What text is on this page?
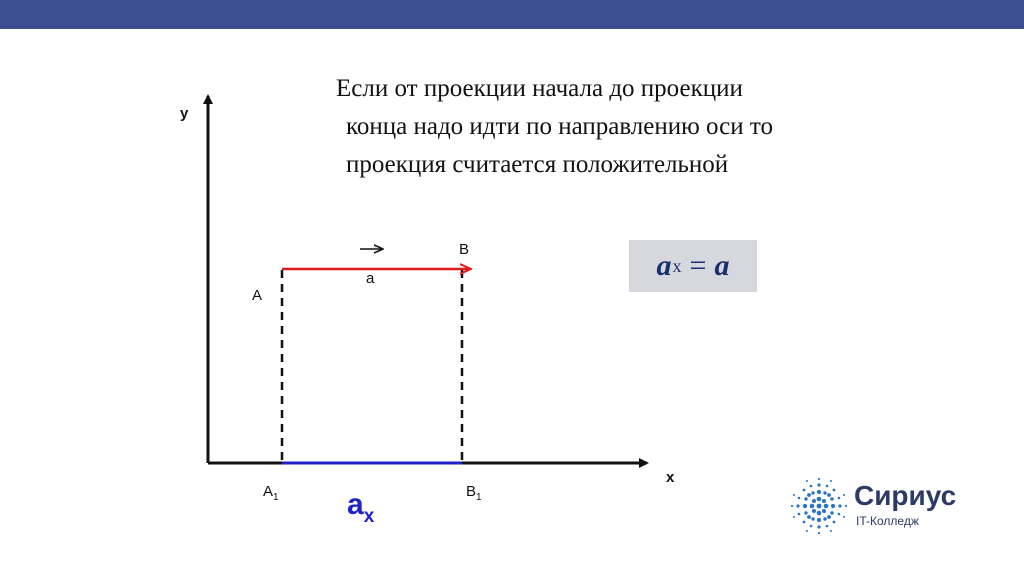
Если от проекции начала до проекции
конца надо идти по направлению оси то
проекция считается положительной
y
x
A
B
a
$A_1$	$B_1$
$a_x$
a x = a
Сириус
IT-Колледж
